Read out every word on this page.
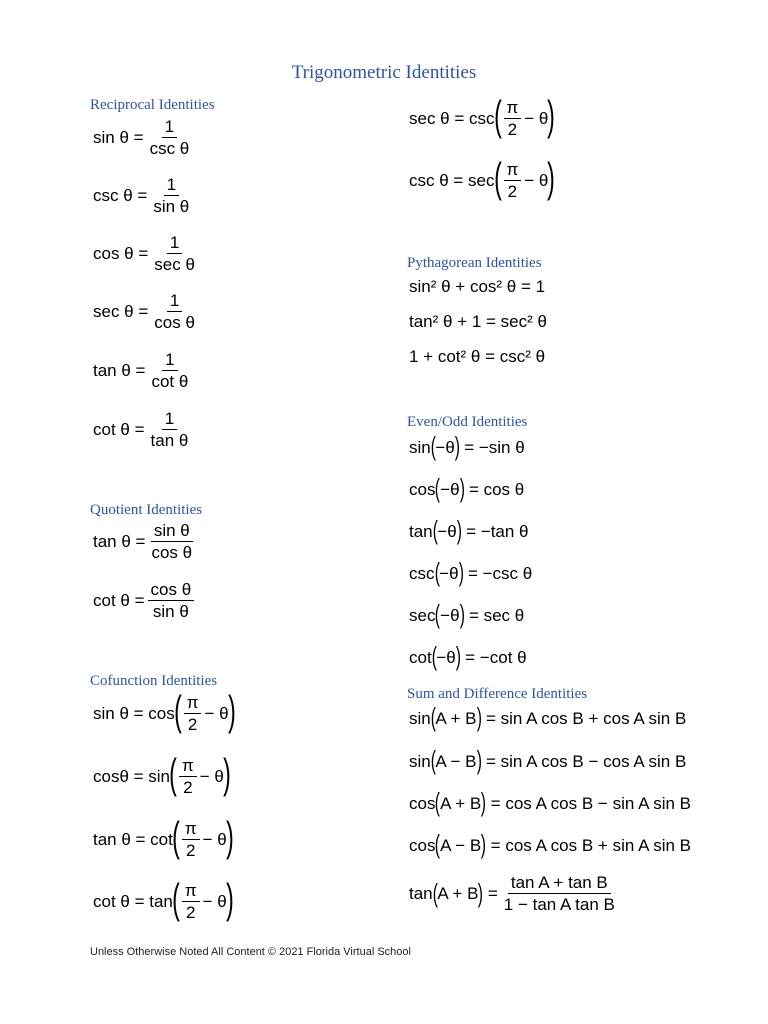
Trigonometric Identities
Reciprocal Identities
Quotient Identities
Cofunction Identities
Pythagorean Identities
Even/Odd Identities
Sum and Difference Identities
$\sin \theta = \frac{1}{\text{csc θ}}$
$\csc \theta = \frac{1}{\text{sin θ}}$
$\cos \theta = \frac{1}{\text{sec θ}}$
$\sec \theta = \frac{1}{\text{cos θ}}$
$\tan \theta = \frac{1}{\text{cot θ}}$
$\cot \theta = \frac{1}{\text{tan θ}}$
$\tan \theta = \frac{\text{sin θ}}{\text{cos θ}}$
$\cot \theta = \frac{\text{cos θ}}{\text{sin θ}}$
sin θ = cos ( $\frac{\pi}{2} - \theta$ )
cosθ = sin ( $\frac{\pi}{2} - \theta$ )
tan θ = cot ( $\frac{\pi}{2} - \theta$ )
cot θ = tan ( $\frac{\pi}{2} - \theta$ )
sec θ = csc ( $\frac{\pi}{2} - \theta$ )
csc θ = sec ( $\frac{\pi}{2} - \theta$ )
sin² θ + cos² θ = 1
tan² θ + 1 = sec² θ
1 + cot² θ = csc² θ
sin ( −θ )
= −sin θ
cos ( −θ )
= cos θ
tan ( −θ )
= −tan θ
csc ( −θ )
= −csc θ
sec ( −θ )
= sec θ
cot ( −θ )
= −cot θ
sin ( A + B )
= sin A cos B + cos A sin B
sin ( A − B )
= sin A cos B − cos A sin B
cos ( A + B )
= cos A cos B − sin A sin B
cos ( A − B )
= cos A cos B + sin A sin B
tan ( A + B )
= $\frac{\text{tan A + tan B}}{\text{1 − tan A tan B}}$
Unless Otherwise Noted All Content © 2021 Florida Virtual School
